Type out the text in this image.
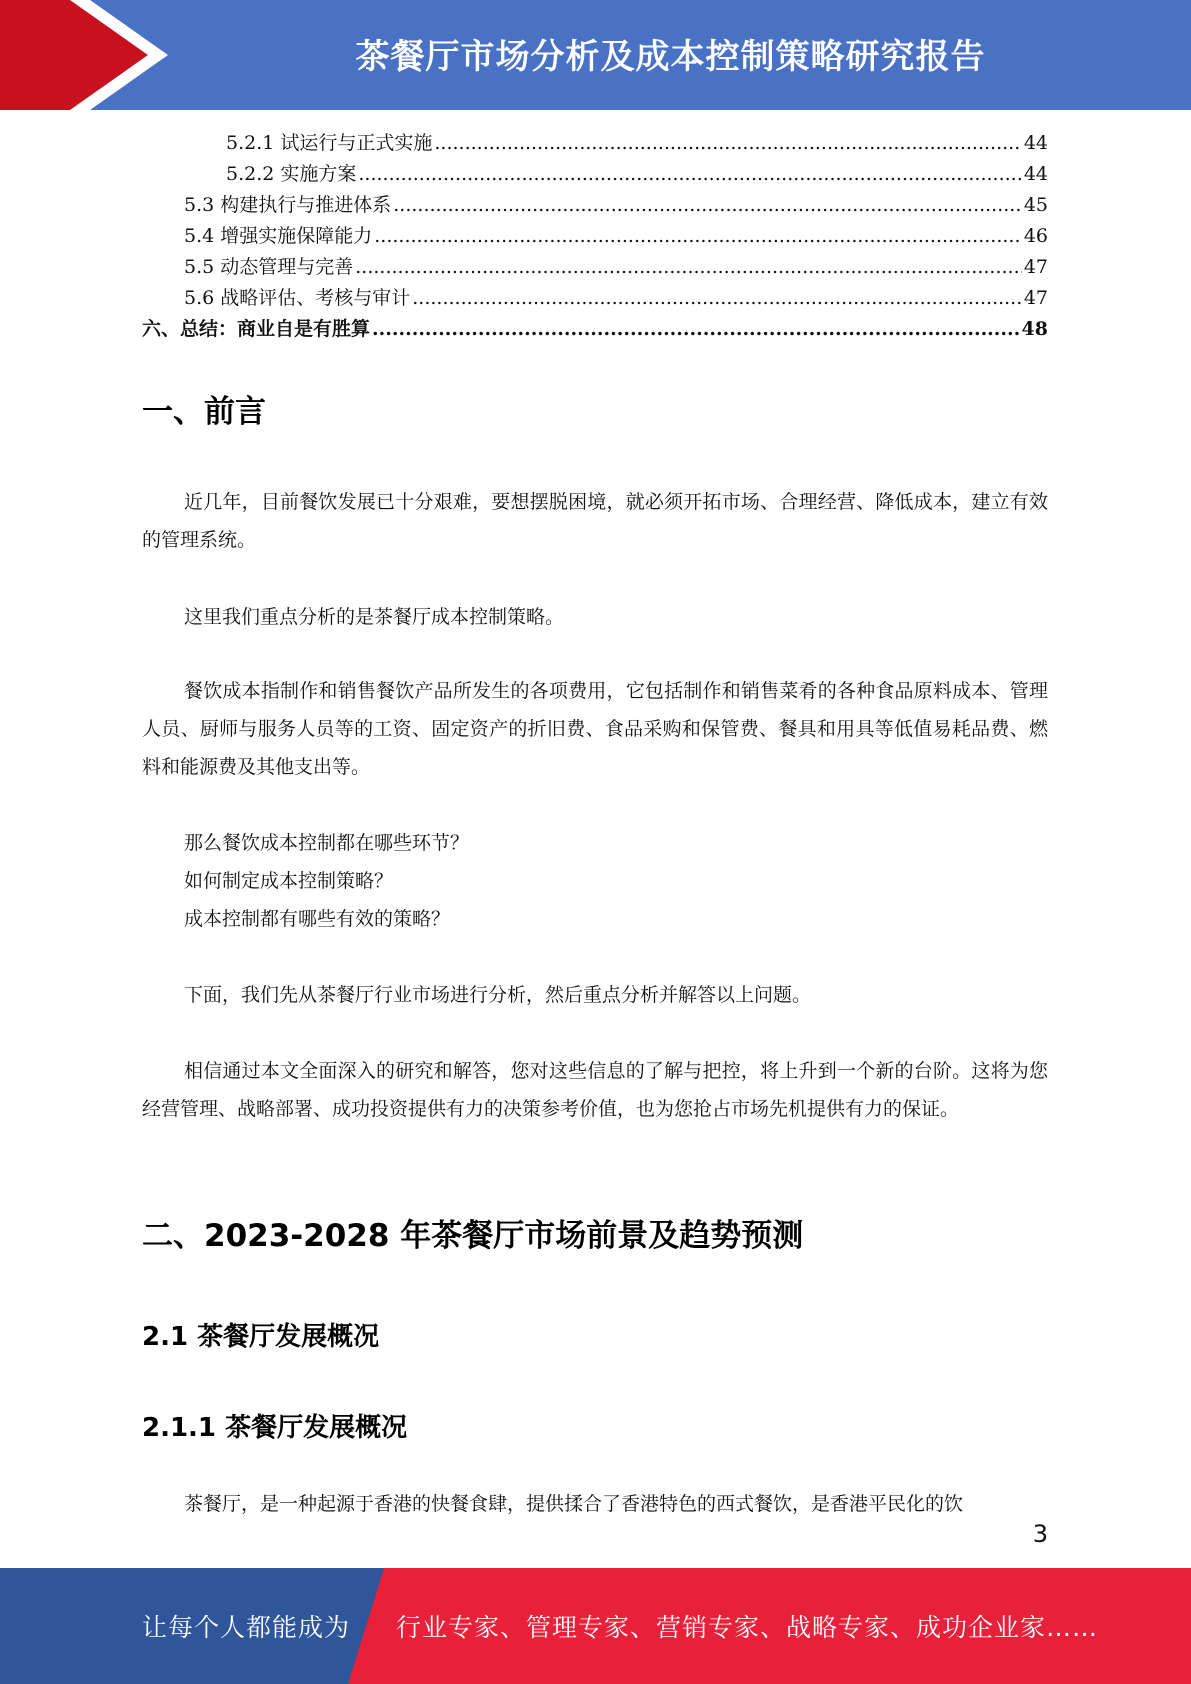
茶餐厅市场分析及成本控制策略研究报告
5.2.1 试运行与正式实施 .....	44
5.2.2 实施方案 .....	44
5.3 构建执行与推进体系 .....	45
5.4 增强实施保障能力 .....	46
5.5 动态管理与完善 .....	47
5.6 战略评估、考核与审计 .....	47
六、总结：商业自是有胜算 .....	48
一、前言
近几年，目前餐饮发展已十分艰难，要想摆脱困境，就必须开拓市场、合理经营、降低成本，建立有效的管理系统。
这里我们重点分析的是茶餐厅成本控制策略。
餐饮成本指制作和销售餐饮产品所发生的各项费用，它包括制作和销售菜肴的各种食品原料成本、管理人员、厨师与服务人员等的工资、固定资产的折旧费、食品采购和保管费、餐具和用具等低值易耗品费、燃料和能源费及其他支出等。
那么餐饮成本控制都在哪些环节？
如何制定成本控制策略？
成本控制都有哪些有效的策略？
下面，我们先从茶餐厅行业市场进行分析，然后重点分析并解答以上问题。
相信通过本文全面深入的研究和解答，您对这些信息的了解与把控，将上升到一个新的台阶。这将为您经营管理、战略部署、成功投资提供有力的决策参考价值，也为您抢占市场先机提供有力的保证。
二、2023-2028 年茶餐厅市场前景及趋势预测
2.1 茶餐厅发展概况
2.1.1 茶餐厅发展概况
茶餐厅，是一种起源于香港的快餐食肆，提供揉合了香港特色的西式餐饮，是香港平民化的饮
3
让每个人都能成为 行业专家、管理专家、营销专家、战略专家、成功企业家……
